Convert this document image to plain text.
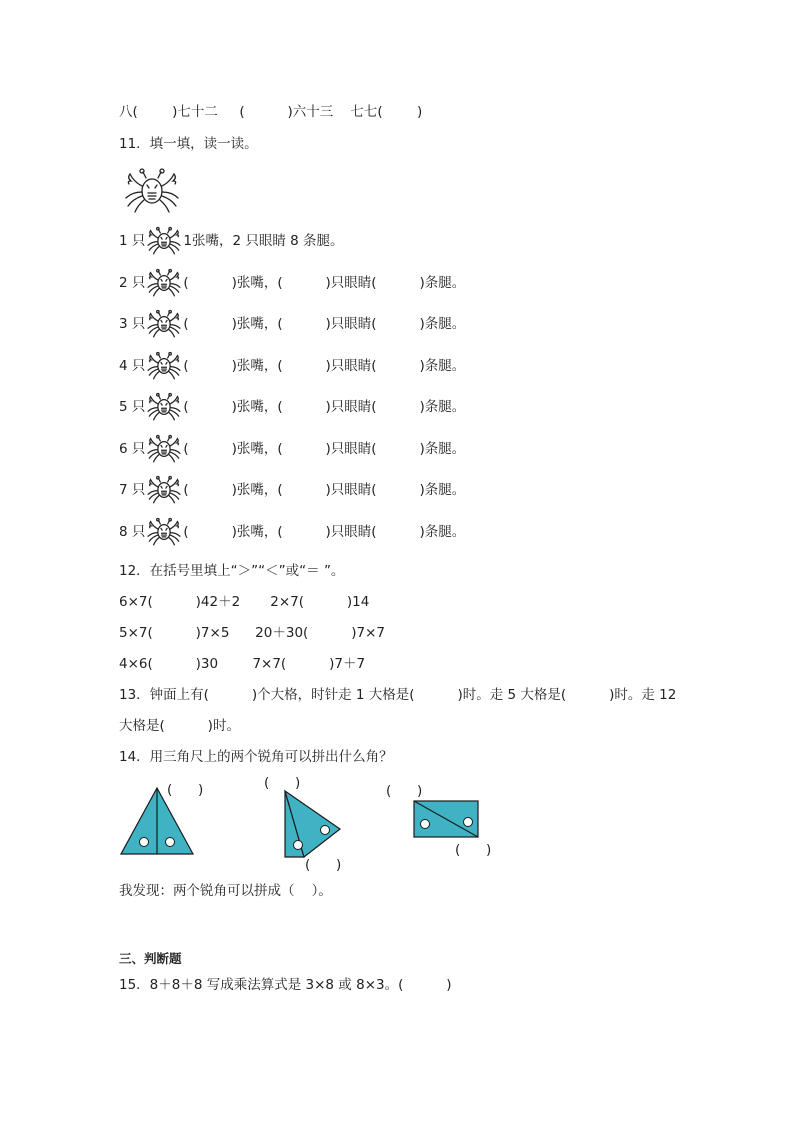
八(        )七十二     (          )六十三    七七(        )
11．填一填，读一读。
1 只	1张嘴，2 只眼睛 8 条腿。
2 只	(          )张嘴，(          )只眼睛(          )条腿。
3 只	(          )张嘴，(          )只眼睛(          )条腿。
4 只	(          )张嘴，(          )只眼睛(          )条腿。
5 只	(          )张嘴，(          )只眼睛(          )条腿。
6 只	(          )张嘴，(          )只眼睛(          )条腿。
7 只	(          )张嘴，(          )只眼睛(          )条腿。
8 只	(          )张嘴，(          )只眼睛(          )条腿。
12．在括号里填上“＞”“＜”或“＝ ”。
6×7(          )42＋2       2×7(          )14
5×7(          )7×5      20＋30(          )7×7
4×6(          )30        7×7(          )7＋7
13．钟面上有(          )个大格，时针走 1 大格是(          )时。走 5 大格是(          )时。走 12
大格是(          )时。
14．用三角尺上的两个锐角可以拼出什么角？
(      )	(      )	(      )
(      )
(      )
我发现：两个锐角可以拼成（    ）。
三、判断题
15．8＋8＋8 写成乘法算式是 3×8 或 8×3。(          )
